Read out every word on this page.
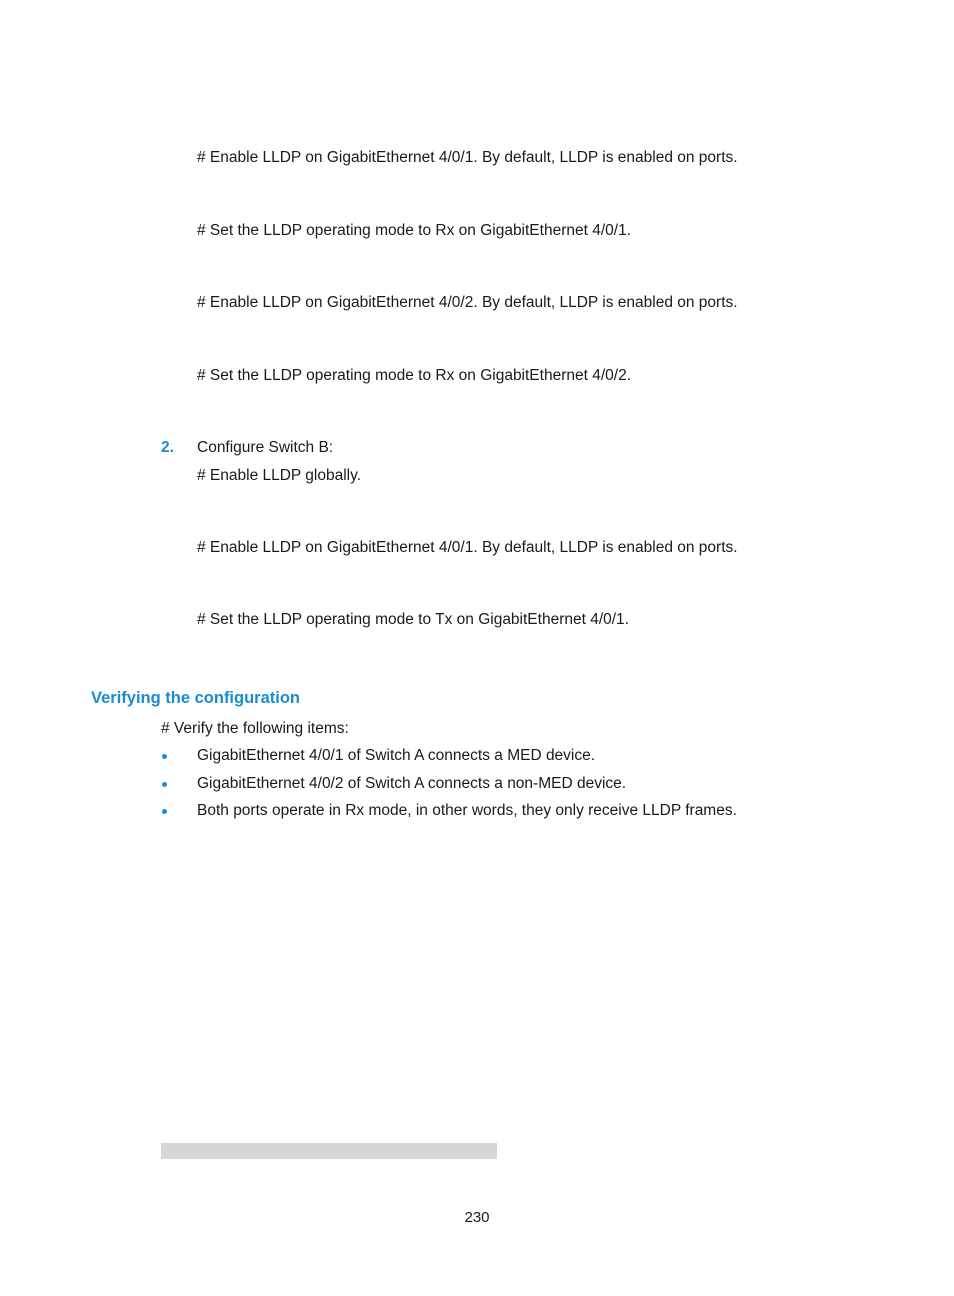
# Enable LLDP on GigabitEthernet 4/0/1. By default, LLDP is enabled on ports.
# Set the LLDP operating mode to Rx on GigabitEthernet 4/0/1.
# Enable LLDP on GigabitEthernet 4/0/2. By default, LLDP is enabled on ports.
# Set the LLDP operating mode to Rx on GigabitEthernet 4/0/2.
2. Configure Switch B:
# Enable LLDP globally.
# Enable LLDP on GigabitEthernet 4/0/1. By default, LLDP is enabled on ports.
# Set the LLDP operating mode to Tx on GigabitEthernet 4/0/1.
Verifying the configuration
# Verify the following items:
GigabitEthernet 4/0/1 of Switch A connects a MED device.
GigabitEthernet 4/0/2 of Switch A connects a non-MED device.
Both ports operate in Rx mode, in other words, they only receive LLDP frames.
230
